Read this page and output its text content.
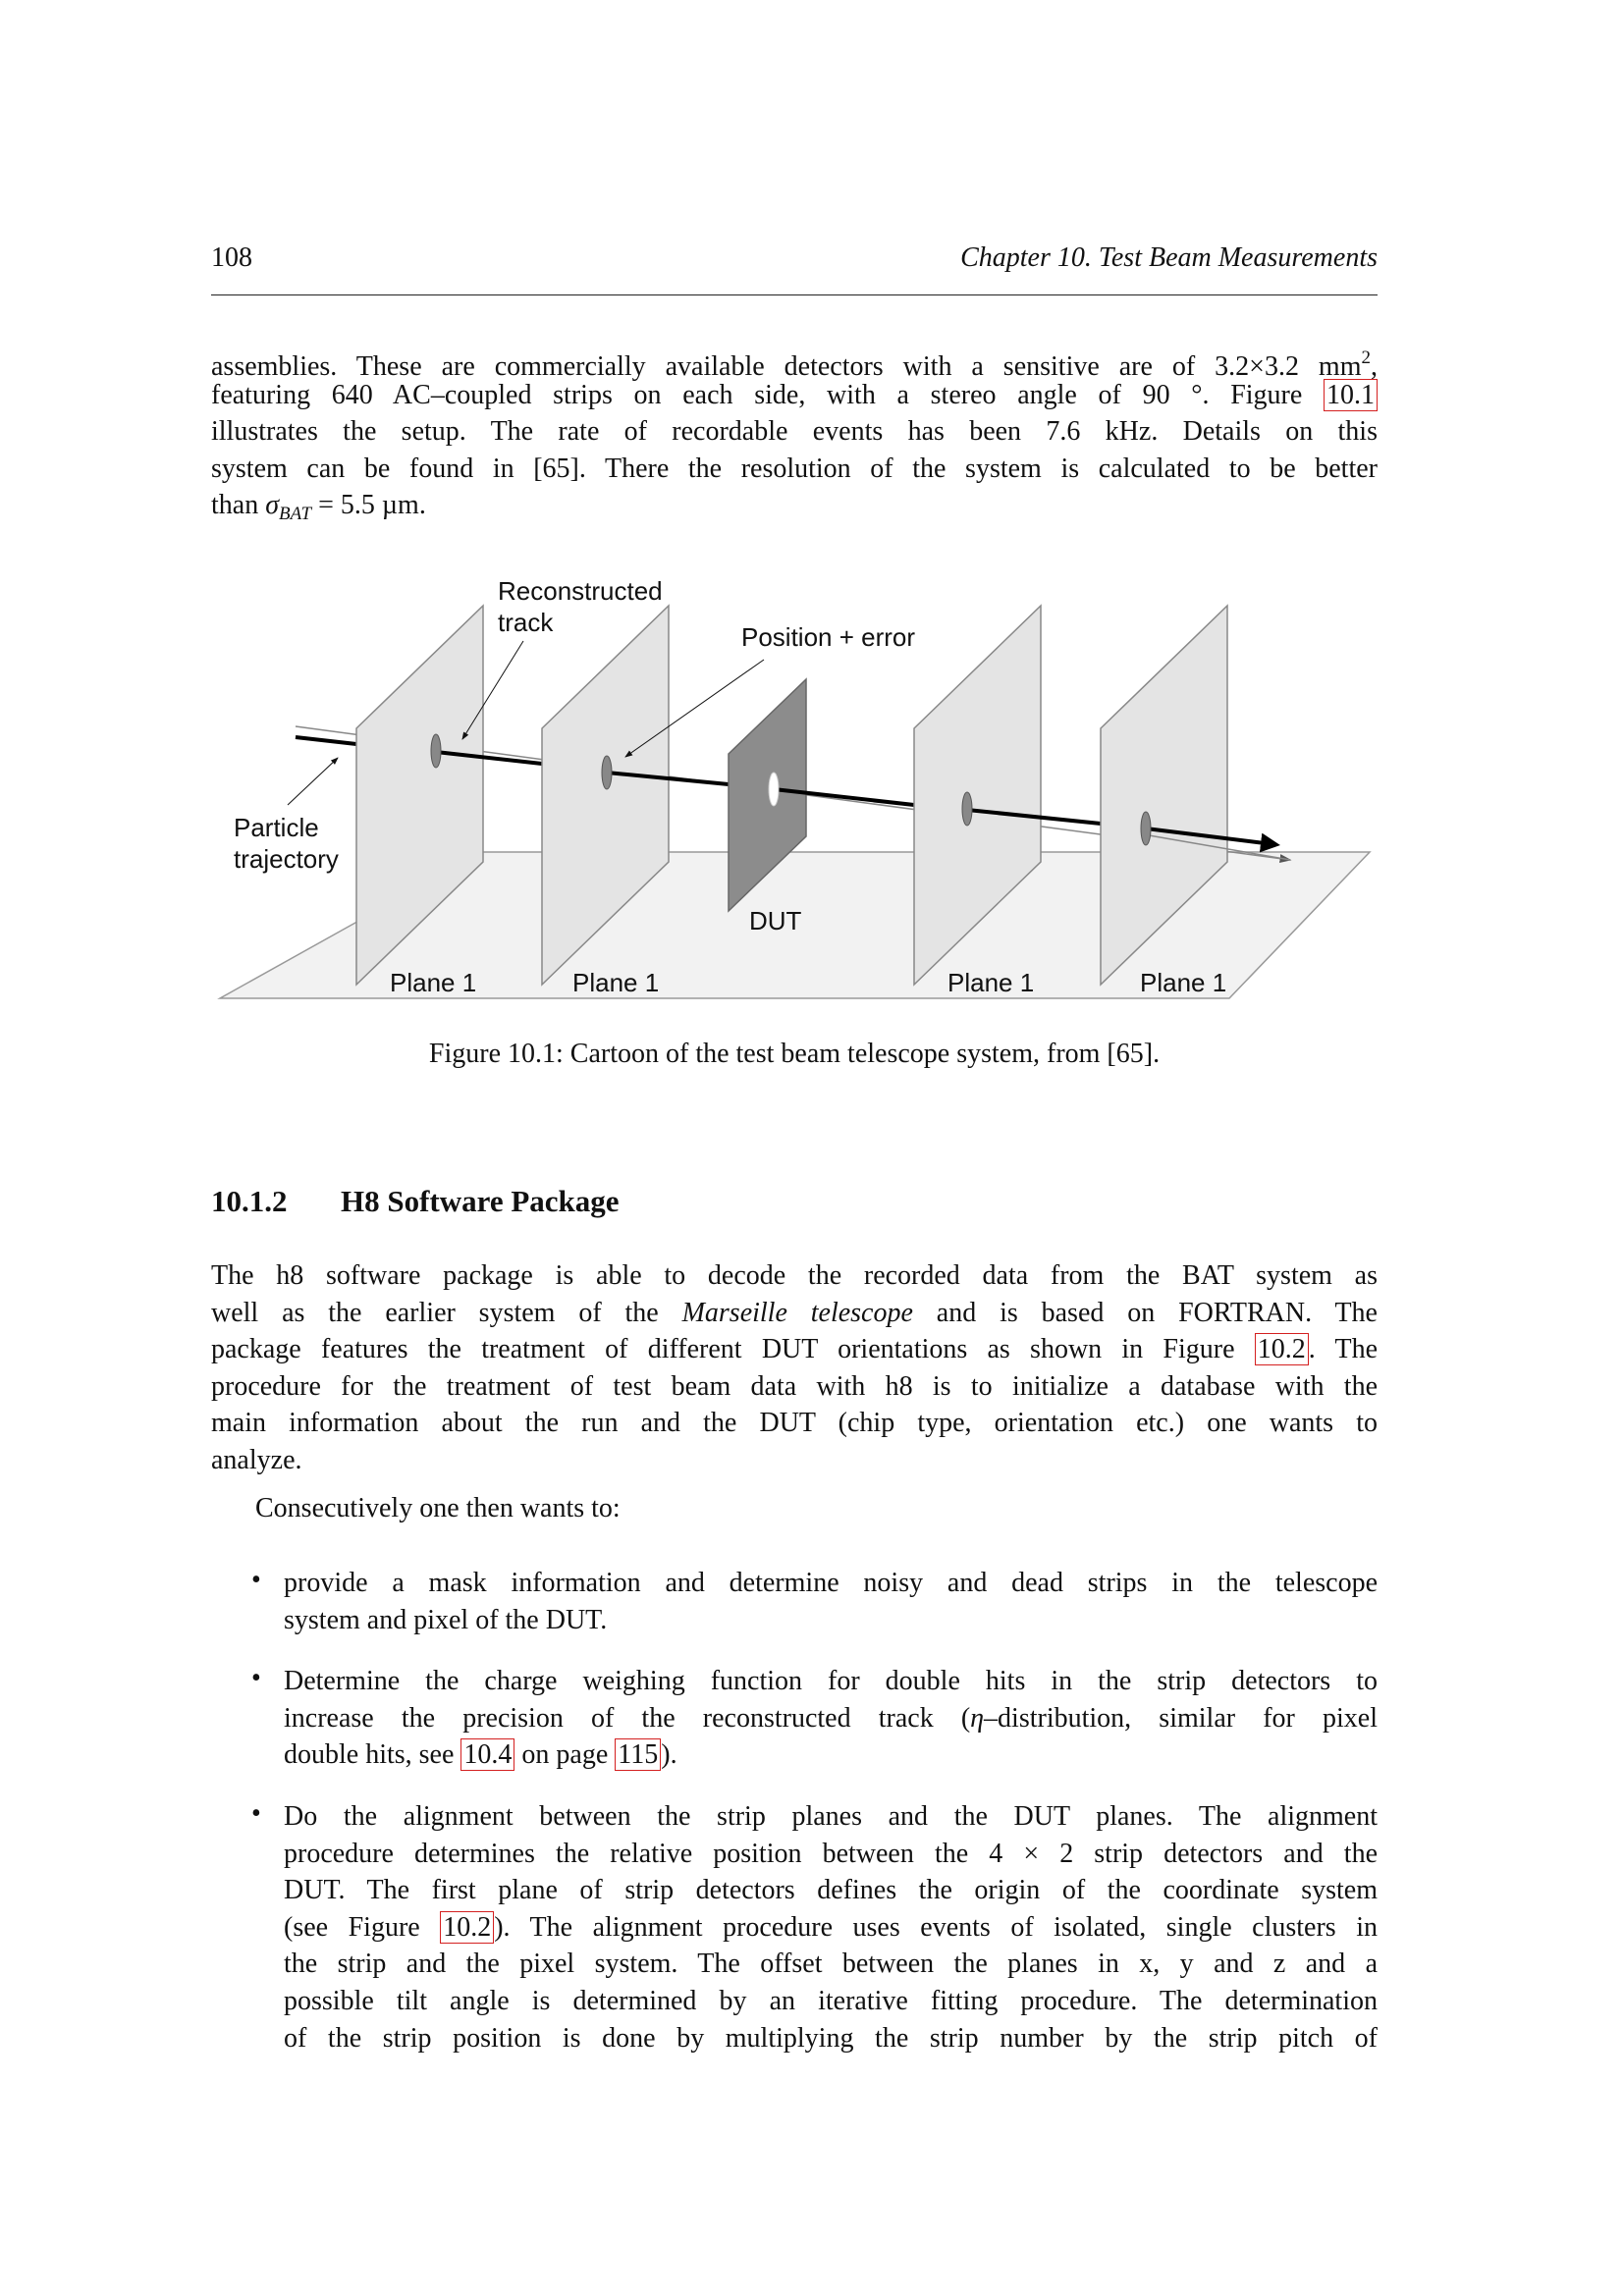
108	Chapter 10. Test Beam Measurements
assemblies. These are commercially available detectors with a sensitive are of 3.2×3.2 $mm^2$,
featuring 640 AC–coupled strips on each side, with a stereo angle of 90 °. Figure 10.1
illustrates the setup. The rate of recordable events has been 7.6 kHz. Details on this
system can be found in [65]. There the resolution of the system is calculated to be better
than $\sigma_{BAT} = 5.5$ µm.
Reconstructed
track	Position + error
Particle
trajectory
DUT
Plane 1	Plane 1	Plane 1	Plane 1
Figure 10.1: Cartoon of the test beam telescope system, from [65].
10.1.2 H8 Software Package
The h8 software package is able to decode the recorded data from the BAT system as
well as the earlier system of the Marseille telescope and is based on FORTRAN. The
package features the treatment of different DUT orientations as shown in Figure 10.2 . The
procedure for the treatment of test beam data with h8 is to initialize a database with the
main information about the run and the DUT (chip type, orientation etc.) one wants to
analyze.
Consecutively one then wants to:
• provide a mask information and determine noisy and dead strips in the telescope
system and pixel of the DUT.
• Determine the charge weighing function for double hits in the strip detectors to
increase the precision of the reconstructed track (η–distribution, similar for pixel
double hits, see 10.4 on page 115 ).
• Do the alignment between the strip planes and the DUT planes. The alignment
procedure determines the relative position between the 4 × 2 strip detectors and the
DUT. The first plane of strip detectors defines the origin of the coordinate system
(see Figure 10.2 ). The alignment procedure uses events of isolated, single clusters in
the strip and the pixel system. The offset between the planes in x, y and z and a
possible tilt angle is determined by an iterative fitting procedure. The determination
of the strip position is done by multiplying the strip number by the strip pitch of
